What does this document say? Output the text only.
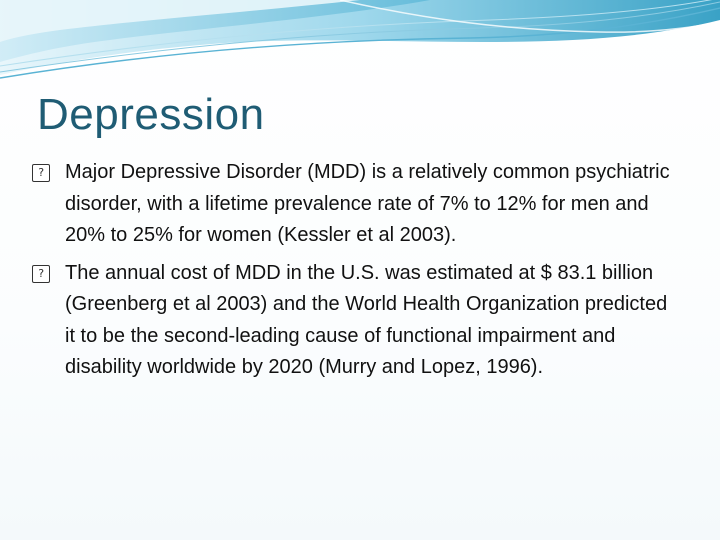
Depression
? Major Depressive Disorder (MDD) is a relatively common psychiatric disorder, with a lifetime prevalence rate of 7% to 12% for men and 20% to 25% for women (Kessler et al 2003).
? The annual cost of MDD in the U.S. was estimated at $ 83.1 billion (Greenberg et al 2003) and the World Health Organization predicted it to be the second-leading cause of functional impairment and disability worldwide by 2020 (Murry and Lopez, 1996).
